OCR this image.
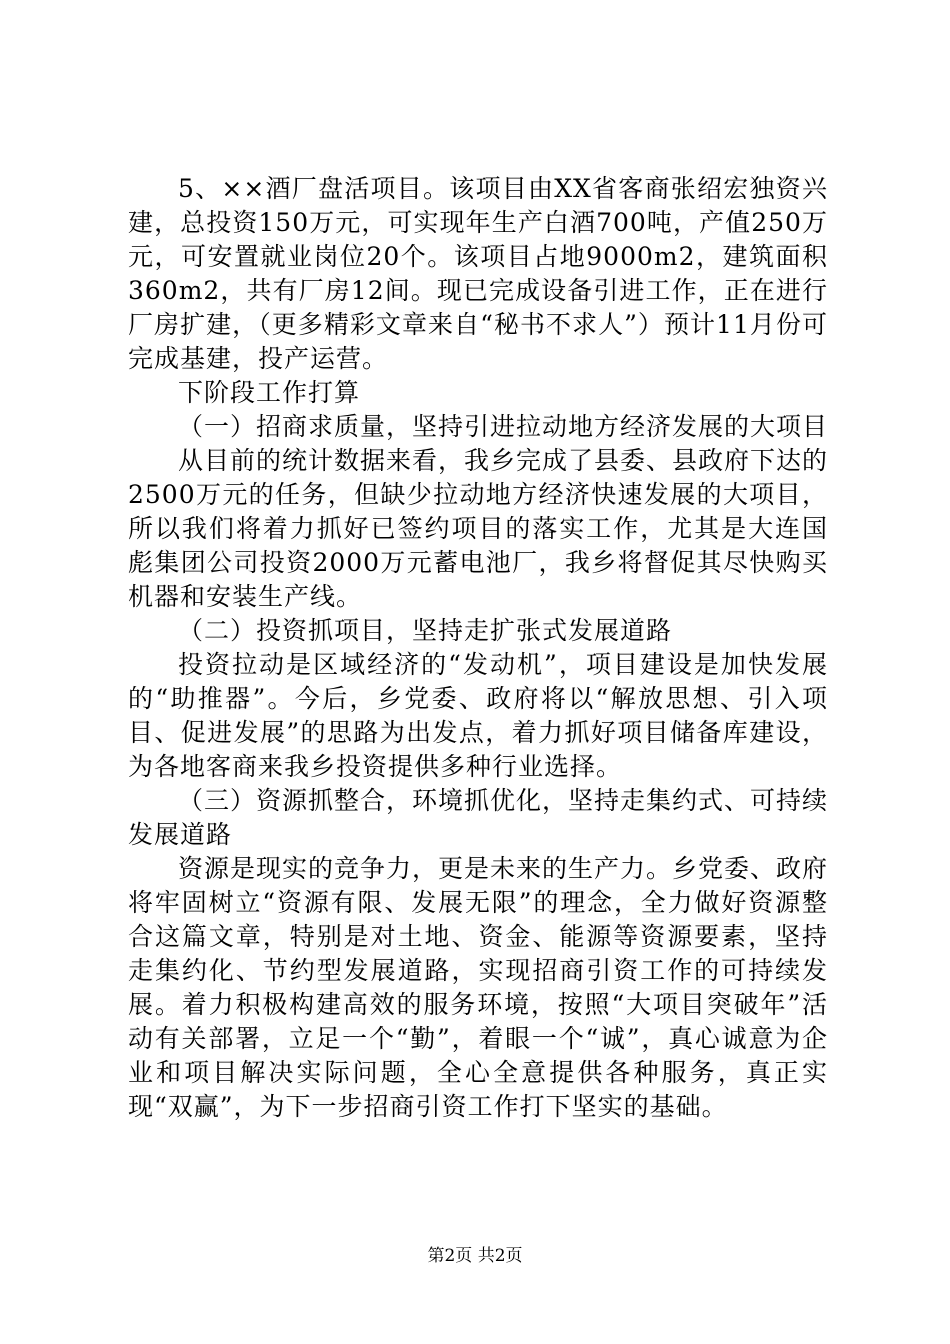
5、××酒厂盘活项目。该项目由XX省客商张绍宏独资兴建，总投资150万元，可实现年生产白酒700吨，产值250万元，可安置就业岗位20个。该项目占地9000m2，建筑面积360m2，共有厂房12间。现已完成设备引进工作，正在进行厂房扩建，（更多精彩文章来自“秘书不求人”）预计11月份可完成基建，投产运营。

下阶段工作打算

（一）招商求质量，坚持引进拉动地方经济发展的大项目

从目前的统计数据来看，我乡完成了县委、县政府下达的2500万元的任务，但缺少拉动地方经济快速发展的大项目，所以我们将着力抓好已签约项目的落实工作，尤其是大连国彪集团公司投资2000万元蓄电池厂，我乡将督促其尽快购买机器和安装生产线。

（二）投资抓项目，坚持走扩张式发展道路

投资拉动是区域经济的“发动机”，项目建设是加快发展的“助推器”。今后，乡党委、政府将以“解放思想、引入项目、促进发展”的思路为出发点，着力抓好项目储备库建设，为各地客商来我乡投资提供多种行业选择。

（三）资源抓整合，环境抓优化，坚持走集约式、可持续发展道路

资源是现实的竞争力，更是未来的生产力。乡党委、政府将牢固树立“资源有限、发展无限”的理念，全力做好资源整合这篇文章，特别是对土地、资金、能源等资源要素，坚持走集约化、节约型发展道路，实现招商引资工作的可持续发展。着力积极构建高效的服务环境，按照“大项目突破年”活动有关部署，立足一个“勤”，着眼一个“诚”，真心诚意为企业和项目解决实际问题，全心全意提供各种服务，真正实现“双赢”，为下一步招商引资工作打下坚实的基础。

第2页 共2页
